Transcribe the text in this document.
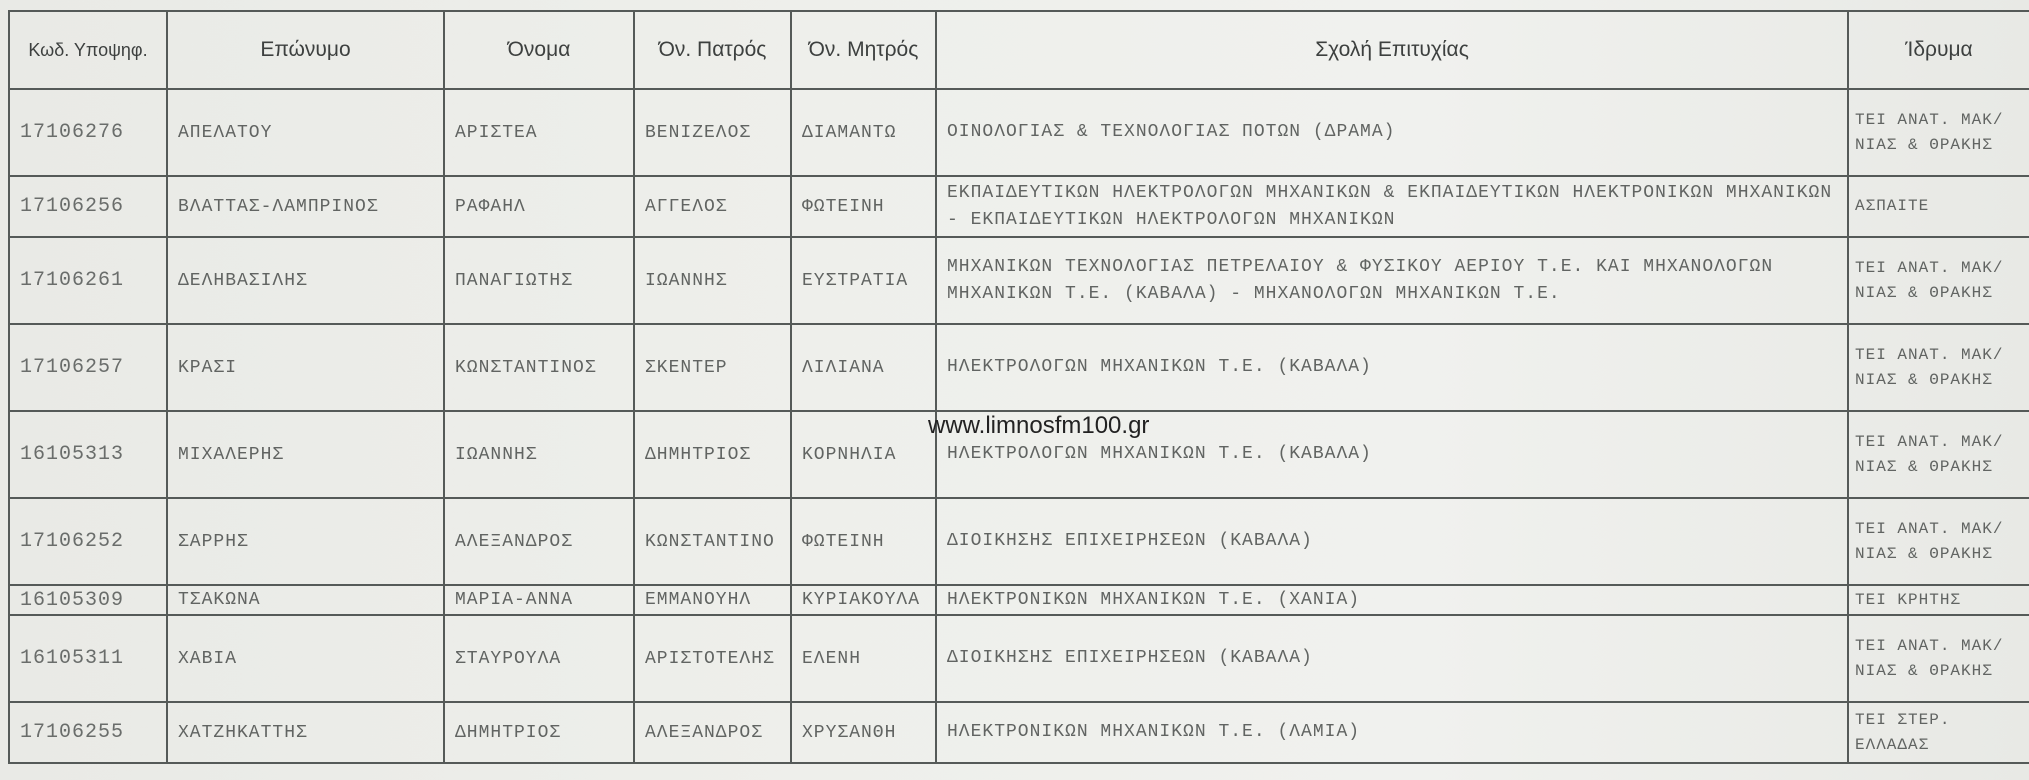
Κωδ. Υποψηφ.	Επώνυμο	Όνομα	Όν. Πατρός	Όν. Μητρός	Σχολή Επιτυχίας	Ίδρυμα
17106276	ΑΠΕΛΑΤΟΥ	ΑΡΙΣΤΕΑ	ΒΕΝΙΖΕΛΟΣ	ΔΙΑΜΑΝΤΩ	ΟΙΝΟΛΟΓΙΑΣ & ΤΕΧΝΟΛΟΓΙΑΣ ΠΟΤΩΝ (ΔΡΑΜΑ)	ΤΕΙ ΑΝΑΤ. ΜΑΚ/ΝΙΑΣ & ΘΡΑΚΗΣ
17106256	ΒΛΑΤΤΑΣ-ΛΑΜΠΡΙΝΟΣ	ΡΑΦΑΗΛ	ΑΓΓΕΛΟΣ	ΦΩΤΕΙΝΗ	ΕΚΠΑΙΔΕΥΤΙΚΩΝ ΗΛΕΚΤΡΟΛΟΓΩΝ ΜΗΧΑΝΙΚΩΝ & ΕΚΠΑΙΔΕΥΤΙΚΩΝ ΗΛΕΚΤΡΟΝΙΚΩΝ ΜΗΧΑΝΙΚΩΝ - ΕΚΠΑΙΔΕΥΤΙΚΩΝ ΗΛΕΚΤΡΟΛΟΓΩΝ ΜΗΧΑΝΙΚΩΝ	ΑΣΠΑΙΤΕ
17106261	ΔΕΛΗΒΑΣΙΛΗΣ	ΠΑΝΑΓΙΩΤΗΣ	ΙΩΑΝΝΗΣ	ΕΥΣΤΡΑΤΙΑ	ΜΗΧΑΝΙΚΩΝ ΤΕΧΝΟΛΟΓΙΑΣ ΠΕΤΡΕΛΑΙΟΥ & ΦΥΣΙΚΟΥ ΑΕΡΙΟΥ Τ.Ε. ΚΑΙ ΜΗΧΑΝΟΛΟΓΩΝ ΜΗΧΑΝΙΚΩΝ Τ.Ε. (ΚΑΒΑΛΑ) - ΜΗΧΑΝΟΛΟΓΩΝ ΜΗΧΑΝΙΚΩΝ Τ.Ε.	ΤΕΙ ΑΝΑΤ. ΜΑΚ/ΝΙΑΣ & ΘΡΑΚΗΣ
17106257	ΚΡΑΣΙ	ΚΩΝΣΤΑΝΤΙΝΟΣ	ΣΚΕΝΤΕΡ	ΛΙΛΙΑΝΑ	ΗΛΕΚΤΡΟΛΟΓΩΝ ΜΗΧΑΝΙΚΩΝ Τ.Ε. (ΚΑΒΑΛΑ)	ΤΕΙ ΑΝΑΤ. ΜΑΚ/ΝΙΑΣ & ΘΡΑΚΗΣ
16105313	ΜΙΧΑΛΕΡΗΣ	ΙΩΑΝΝΗΣ	ΔΗΜΗΤΡΙΟΣ	ΚΟΡΝΗΛΙΑ	ΗΛΕΚΤΡΟΛΟΓΩΝ ΜΗΧΑΝΙΚΩΝ Τ.Ε. (ΚΑΒΑΛΑ)	ΤΕΙ ΑΝΑΤ. ΜΑΚ/ΝΙΑΣ & ΘΡΑΚΗΣ
17106252	ΣΑΡΡΗΣ	ΑΛΕΞΑΝΔΡΟΣ	ΚΩΝΣΤΑΝΤΙΝΟ	ΦΩΤΕΙΝΗ	ΔΙΟΙΚΗΣΗΣ ΕΠΙΧΕΙΡΗΣΕΩΝ (ΚΑΒΑΛΑ)	ΤΕΙ ΑΝΑΤ. ΜΑΚ/ΝΙΑΣ & ΘΡΑΚΗΣ
16105309	ΤΣΑΚΩΝΑ	ΜΑΡΙΑ-ΑΝΝΑ	ΕΜΜΑΝΟΥΗΛ	ΚΥΡΙΑΚΟΥΛΑ	ΗΛΕΚΤΡΟΝΙΚΩΝ ΜΗΧΑΝΙΚΩΝ Τ.Ε. (ΧΑΝΙΑ)	ΤΕΙ ΚΡΗΤΗΣ
16105311	ΧΑΒΙΑ	ΣΤΑΥΡΟΥΛΑ	ΑΡΙΣΤΟΤΕΛΗΣ	ΕΛΕΝΗ	ΔΙΟΙΚΗΣΗΣ ΕΠΙΧΕΙΡΗΣΕΩΝ (ΚΑΒΑΛΑ)	ΤΕΙ ΑΝΑΤ. ΜΑΚ/ΝΙΑΣ & ΘΡΑΚΗΣ
17106255	ΧΑΤΖΗΚΑΤΤΗΣ	ΔΗΜΗΤΡΙΟΣ	ΑΛΕΞΑΝΔΡΟΣ	ΧΡΥΣΑΝΘΗ	ΗΛΕΚΤΡΟΝΙΚΩΝ ΜΗΧΑΝΙΚΩΝ Τ.Ε. (ΛΑΜΙΑ)	ΤΕΙ ΣΤΕΡ. ΕΛΛΑΔΑΣ
www.limnosfm100.gr
